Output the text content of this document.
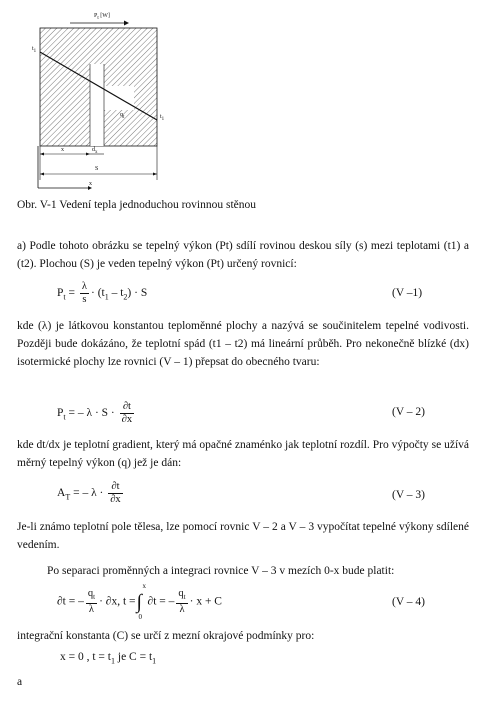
$P_t$ [W]
$t_1$
$t_1$
$q_t$
x	$d_x$
S
x
Obr. V-1 Vedení tepla jednoduchou rovinnou stěnou
a) Podle tohoto obrázku se tepelný výkon (Pt) sdílí rovinou deskou síly (s) mezi teplotami (t1) a (t2). Plochou (S) je veden tepelný výkon (Pt) určený rovnicí:
$P_t = \frac{\lambda}{s} \cdot (t_1 - t_2) \cdot S$	(V –1)
kde (λ) je látkovou konstantou teploměnné plochy a nazývá se součinitelem tepelné vodivosti. Později bude dokázáno, že teplotní spád (t1 – t2) má lineární průběh. Pro nekonečně blízké (dx) isotermické plochy lze rovnici (V – 1) přepsat do obecného tvaru:
$P_t$ = – $\lambda \cdot S \cdot \frac{\partial t}{\partial x}$	(V – 2)
kde dt/dx je teplotní gradient, který má opačné znaménko jak teplotní rozdíl. Pro výpočty se užívá měrný tepelný výkon (q) jež je dán:
$A_T$ = – $\lambda \cdot \frac{\partial t}{\partial x}$	(V – 3)
Je-li známo teplotní pole tělesa, lze pomocí rovnic V – 2 a V – 3 vypočítat tepelné výkony sdílené vedením.
Po separaci proměnných a integraci rovnice V – 3 v mezích 0-x bude platit:
∂t = – $\frac{q_t}{\lambda} \cdot \partial x$, t =
x
∫
0
∂t = – $\frac{q_t}{\lambda} \cdot x + C$	(V – 4)
integrační konstanta (C) se určí z mezní okrajové podmínky pro:
x = 0 , $t = t_1$ je $C = t_1$
a
